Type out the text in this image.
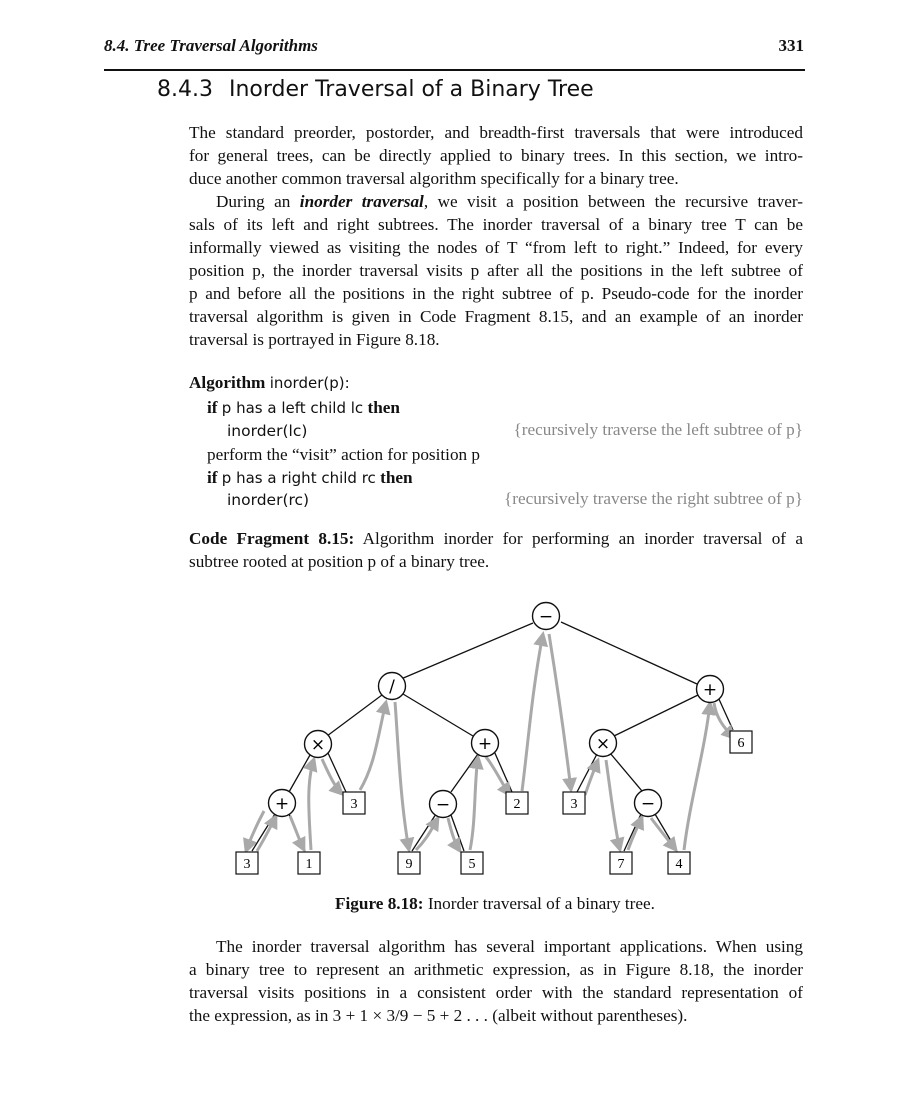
8.4. Tree Traversal Algorithms	331
8.4.3 Inorder Traversal of a Binary Tree
The standard preorder, postorder, and breadth-first traversals that were introduced
for general trees, can be directly applied to binary trees. In this section, we intro-
duce another common traversal algorithm specifically for a binary tree.
During an inorder traversal, we visit a position between the recursive traver-
sals of its left and right subtrees. The inorder traversal of a binary tree T can be
informally viewed as visiting the nodes of T “from left to right.” Indeed, for every
position p, the inorder traversal visits p after all the positions in the left subtree of
p and before all the positions in the right subtree of p. Pseudo-code for the inorder
traversal algorithm is given in Code Fragment 8.15, and an example of an inorder
traversal is portrayed in Figure 8.18.
Algorithm inorder(p):
if p has a left child lc then
inorder(lc)	{recursively traverse the left subtree of p}
perform the “visit” action for position p
if p has a right child rc then
inorder(rc)	{recursively traverse the right subtree of p}
Code Fragment 8.15: Algorithm inorder for performing an inorder traversal of a
subtree rooted at position p of a binary tree.
−
/	+
×	+	×
+	−	−
6
3	2	3
3	1	9	5	7	4
Figure 8.18: Inorder traversal of a binary tree.
The inorder traversal algorithm has several important applications. When using
a binary tree to represent an arithmetic expression, as in Figure 8.18, the inorder
traversal visits positions in a consistent order with the standard representation of
the expression, as in 3 + 1 × 3/9 − 5 + 2 . . . (albeit without parentheses).
